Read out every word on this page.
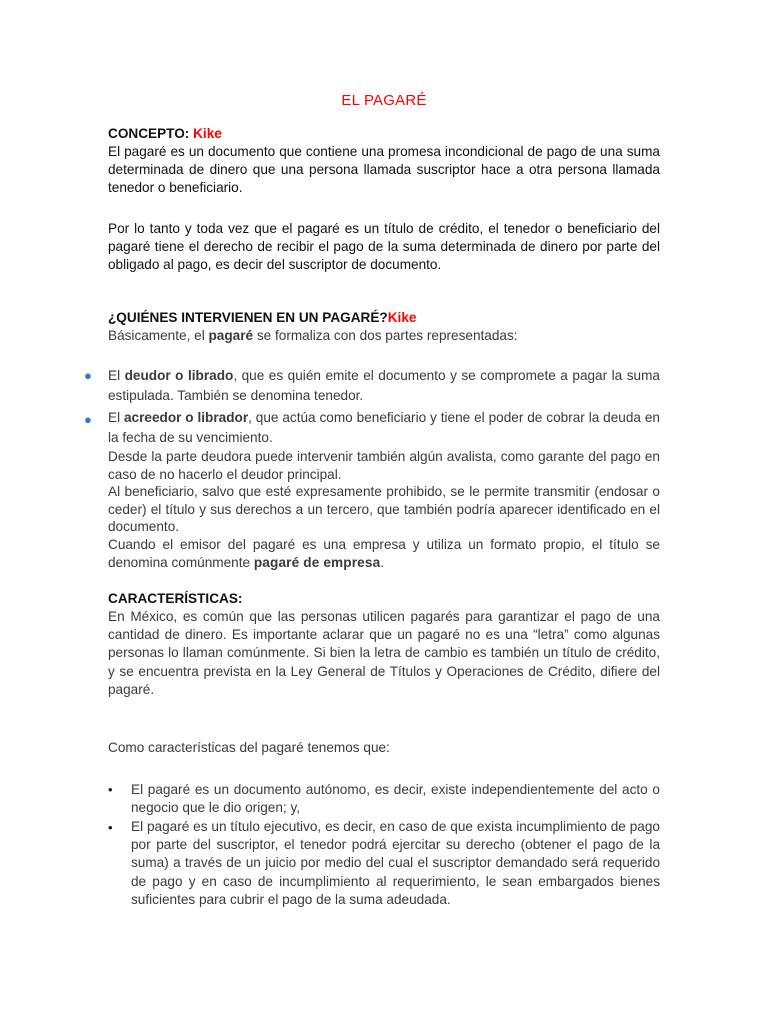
EL PAGARÉ

CONCEPTO: Kike

El pagaré es un documento que contiene una promesa incondicional de pago de una suma determinada de dinero que una persona llamada suscriptor hace a otra persona llamada tenedor o beneficiario.

Por lo tanto y toda vez que el pagaré es un título de crédito, el tenedor o beneficiario del pagaré tiene el derecho de recibir el pago de la suma determinada de dinero por parte del obligado al pago, es decir del suscriptor de documento.

¿QUIÉNES INTERVIENEN EN UN PAGARÉ?Kike

Básicamente, el pagaré se formaliza con dos partes representadas:

● El deudor o librado, que es quién emite el documento y se compromete a pagar la suma estipulada. También se denomina tenedor.

● El acreedor o librador, que actúa como beneficiario y tiene el poder de cobrar la deuda en la fecha de su vencimiento.

Desde la parte deudora puede intervenir también algún avalista, como garante del pago en caso de no hacerlo el deudor principal.

Al beneficiario, salvo que esté expresamente prohibido, se le permite transmitir (endosar o ceder) el título y sus derechos a un tercero, que también podría aparecer identificado en el documento.

Cuando el emisor del pagaré es una empresa y utiliza un formato propio, el título se denomina comúnmente pagaré de empresa.

CARACTERÍSTICAS:

En México, es común que las personas utilicen pagarés para garantizar el pago de una cantidad de dinero. Es importante aclarar que un pagaré no es una “letra” como algunas personas lo llaman comúnmente. Si bien la letra de cambio es también un título de crédito, y se encuentra prevista en la Ley General de Títulos y Operaciones de Crédito, difiere del pagaré.

Como características del pagaré tenemos que:

• El pagaré es un documento autónomo, es decir, existe independientemente del acto o negocio que le dio origen; y,

• El pagaré es un título ejecutivo, es decir, en caso de que exista incumplimiento de pago por parte del suscriptor, el tenedor podrá ejercitar su derecho (obtener el pago de la suma) a través de un juicio por medio del cual el suscriptor demandado será requerido de pago y en caso de incumplimiento al requerimiento, le sean embargados bienes suficientes para cubrir el pago de la suma adeudada.
